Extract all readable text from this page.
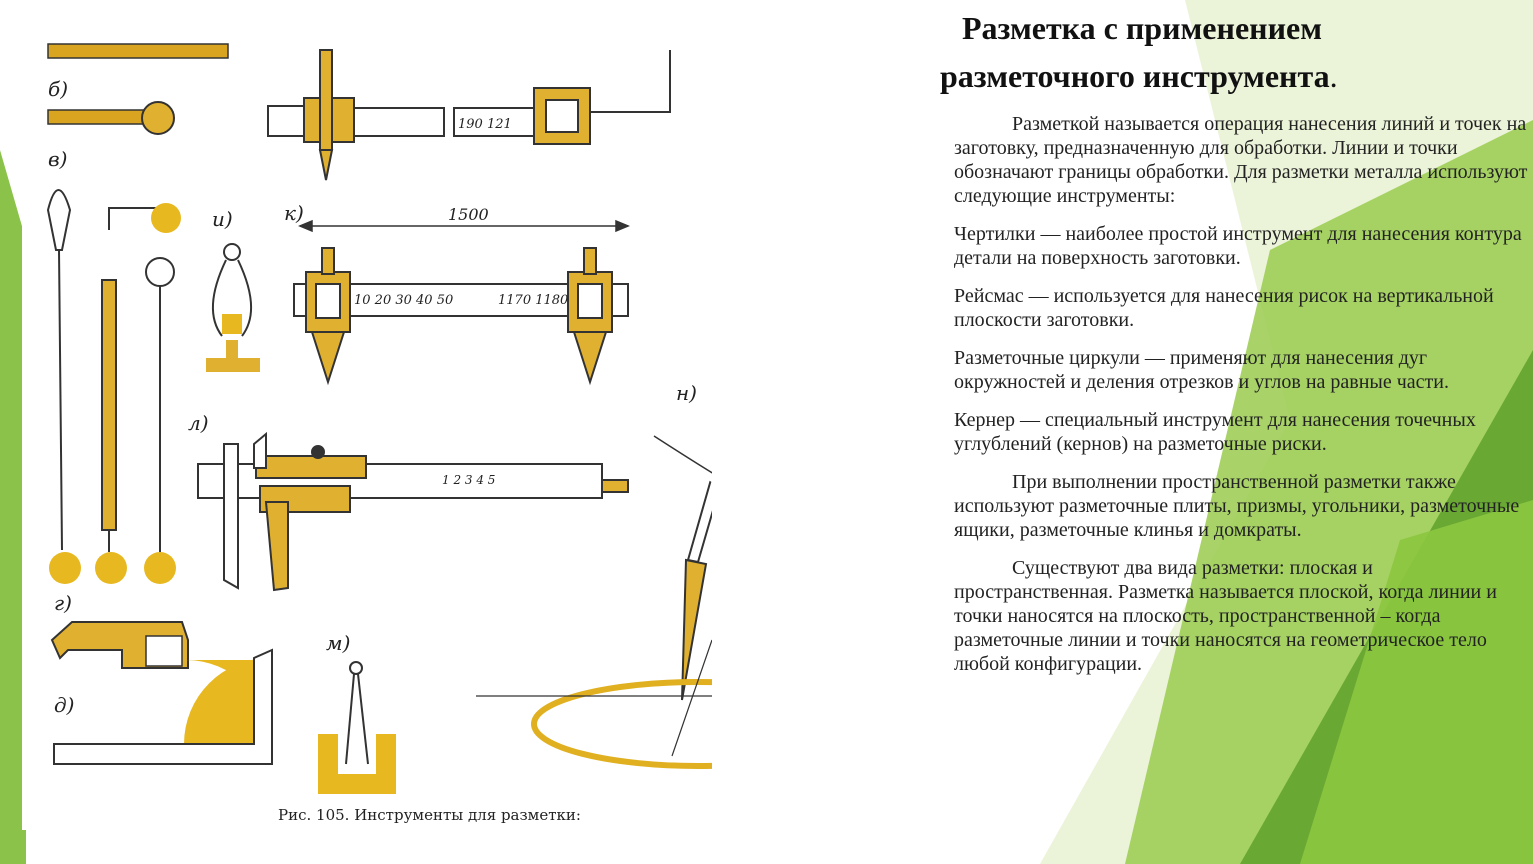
б)
в)
г)
д)
и)
190 121
к)	1500
10 20 30 40 50	1170 1180
л)
1 2 3 4 5
м)
н)
Рис. 105. Инструменты для разметки:
Разметка с применением
разметочного инструмента.

Разметкой называется операция нанесения линий и точек на заготовку, предназначенную для обработки. Линии и точки обозначают границы обработки. Для разметки металла используют следующие инструменты:

Чертилки — наиболее простой инструмент для нанесения контура детали на поверхность заготовки.

Рейсмас — используется для нанесения рисок на вертикальной плоскости заготовки.

Разметочные циркули — применяют для нанесения дуг окружностей и деления отрезков и углов на равные части.

Кернер — специальный инструмент для нанесения точечных углублений (кернов) на разметочные риски.

При выполнении пространственной разметки также используют разметочные плиты, призмы, угольники, разметочные ящики, разметочные клинья и домкраты.

Существуют два вида разметки: плоская и пространственная. Разметка называется плоской, когда линии и точки наносятся на плоскость, пространственной – когда разметочные линии и точки наносятся на геометрическое тело любой конфигурации.
